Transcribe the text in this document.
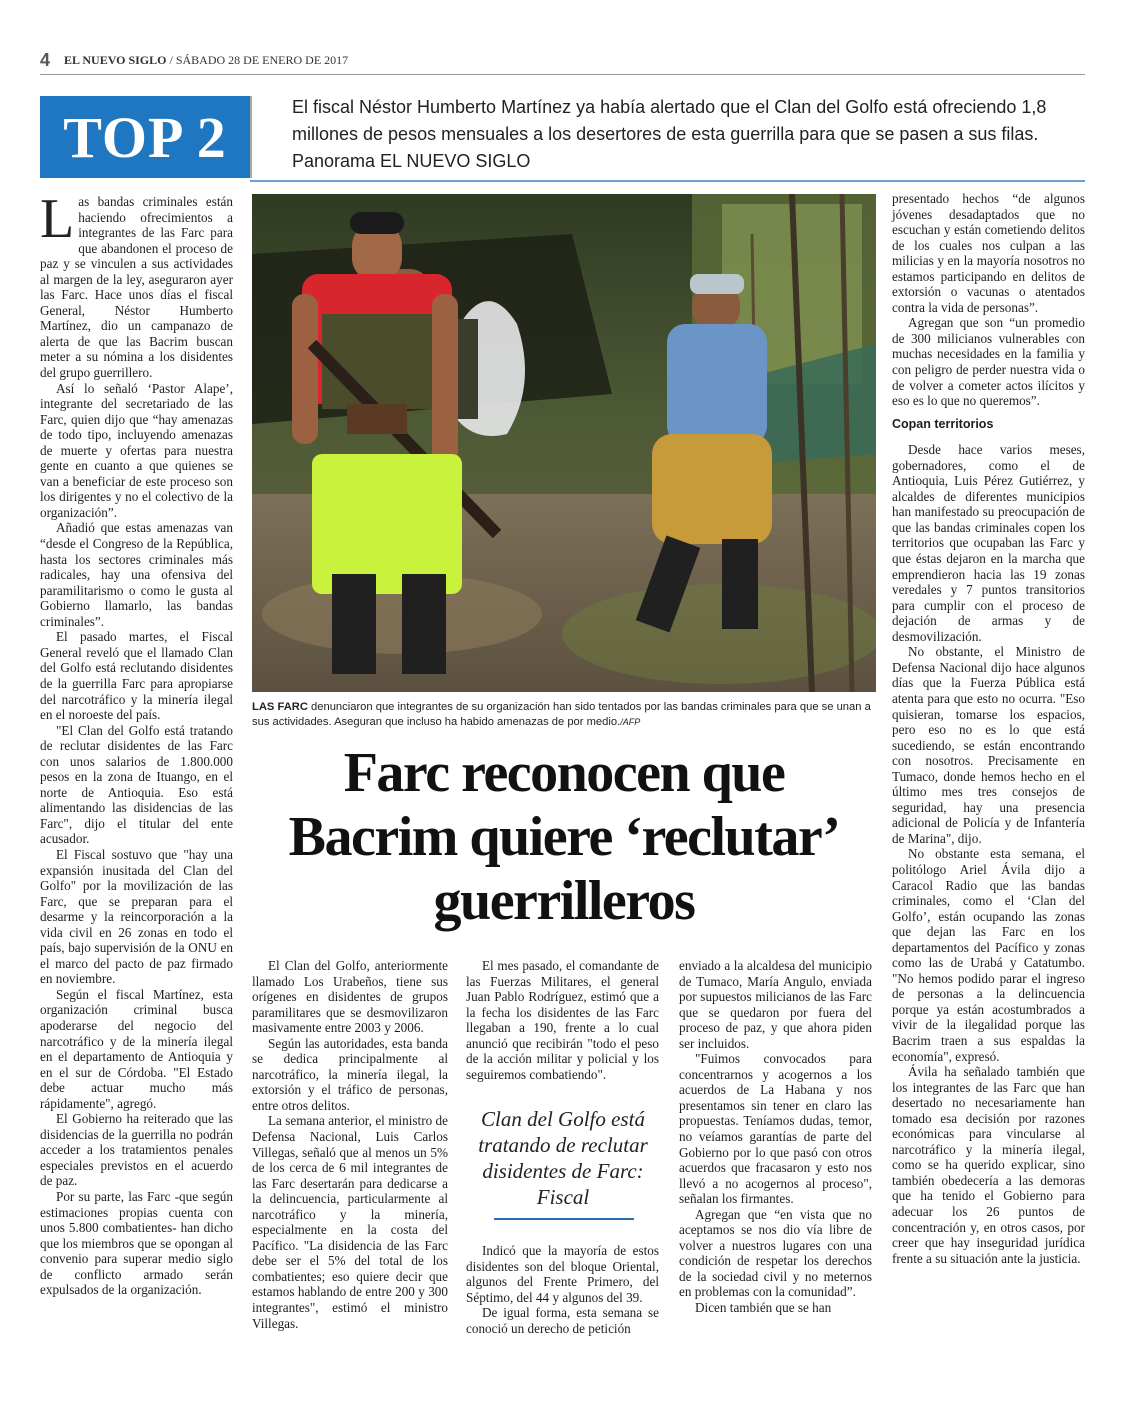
4 EL NUEVO SIGLO / SÁBADO 28 DE ENERO DE 2017
TOP 2	El fiscal Néstor Humberto Martínez ya había alertado que el Clan del Golfo está ofreciendo 1,8 millones de pesos mensuales a los desertores de esta guerrilla para que se pasen a sus filas. Panorama EL NUEVO SIGLO

Las bandas criminales están haciendo ofrecimientos a integrantes de las Farc para que abandonen el proceso de paz y se vinculen a sus actividades al margen de la ley, aseguraron ayer las Farc. Hace unos días el fiscal General, Néstor Humberto Martínez, dio un campanazo de alerta de que las Bacrim buscan meter a su nómina a los disidentes del grupo guerrillero.

Así lo señaló ‘Pastor Alape’, integrante del secretariado de las Farc, quien dijo que “hay amenazas de todo tipo, incluyendo amenazas de muerte y ofertas para nuestra gente en cuanto a que quienes se van a beneficiar de este proceso son los dirigentes y no el colectivo de la organización”.

Añadió que estas amenazas van “desde el Congreso de la República, hasta los sectores criminales más radicales, hay una ofensiva del paramilitarismo o como le gusta al Gobierno llamarlo, las bandas criminales”.

El pasado martes, el Fiscal General reveló que el llamado Clan del Golfo está reclutando disidentes de la guerrilla Farc para apropiarse del narcotráfico y la minería ilegal en el noroeste del país.

"El Clan del Golfo está tratando de reclutar disidentes de las Farc con unos salarios de 1.800.000 pesos en la zona de Ituango, en el norte de Antioquia. Eso está alimentando las disidencias de las Farc", dijo el titular del ente acusador.

El Fiscal sostuvo que "hay una expansión inusitada del Clan del Golfo" por la movilización de las Farc, que se preparan para el desarme y la reincorporación a la vida civil en 26 zonas en todo el país, bajo supervisión de la ONU en el marco del pacto de paz firmado en noviembre.

Según el fiscal Martínez, esta organización criminal busca apoderarse del negocio del narcotráfico y de la minería ilegal en el departamento de Antioquia y en el sur de Córdoba. "El Estado debe actuar mucho más rápidamente", agregó.

El Gobierno ha reiterado que las disidencias de la guerrilla no podrán acceder a los tratamientos penales especiales previstos en el acuerdo de paz.

Por su parte, las Farc -que según estimaciones propias cuenta con unos 5.800 combatientes- han dicho que los miembros que se opongan al convenio para superar medio siglo de conflicto armado serán expulsados de la organización.

LAS FARC denunciaron que integrantes de su organización han sido tentados por las bandas criminales para que se unan a sus actividades. Aseguran que incluso ha habido amenazas de por medio./AFP
Farc reconocen que
Bacrim quiere ‘reclutar’
guerrilleros

El Clan del Golfo, anteriormente llamado Los Urabeños, tiene sus orígenes en disidentes de grupos paramilitares que se desmovilizaron masivamente entre 2003 y 2006.

Según las autoridades, esta banda se dedica principalmente al narcotráfico, la minería ilegal, la extorsión y el tráfico de personas, entre otros delitos.

La semana anterior, el ministro de Defensa Nacional, Luis Carlos Villegas, señaló que al menos un 5% de los cerca de 6 mil integrantes de las Farc desertarán para dedicarse a la delincuencia, particularmente al narcotráfico y la minería, especialmente en la costa del Pacífico. "La disidencia de las Farc debe ser el 5% del total de los combatientes; eso quiere decir que estamos hablando de entre 200 y 300 integrantes", estimó el ministro Villegas.

El mes pasado, el comandante de las Fuerzas Militares, el general Juan Pablo Rodríguez, estimó que a la fecha los disidentes de las Farc llegaban a 190, frente a lo cual anunció que recibirán "todo el peso de la acción militar y policial y los seguiremos combatiendo".

Clan del Golfo está tratando de reclutar disidentes de Farc: Fiscal

Indicó que la mayoría de estos disidentes son del bloque Oriental, algunos del Frente Primero, del Séptimo, del 44 y algunos del 39.

De igual forma, esta semana se conoció un derecho de petición

enviado a la alcaldesa del municipio de Tumaco, María Angulo, enviada por supuestos milicianos de las Farc que se quedaron por fuera del proceso de paz, y que ahora piden ser incluidos.

"Fuimos convocados para concentrarnos y acogernos a los acuerdos de La Habana y nos presentamos sin tener en claro las propuestas. Teníamos dudas, temor, no veíamos garantías de parte del Gobierno por lo que pasó con otros acuerdos que fracasaron y esto nos llevó a no acogernos al proceso", señalan los firmantes.

Agregan que “en vista que no aceptamos se nos dio vía libre de volver a nuestros lugares con una condición de respetar los derechos de la sociedad civil y no meternos en problemas con la comunidad”.

Dicen también que se han

presentado hechos “de algunos jóvenes desadaptados que no escuchan y están cometiendo delitos de los cuales nos culpan a las milicias y en la mayoría nosotros no estamos participando en delitos de extorsión o vacunas o atentados contra la vida de personas”.

Agregan que son “un promedio de 300 milicianos vulnerables con muchas necesidades en la familia y con peligro de perder nuestra vida o de volver a cometer actos ilícitos y eso es lo que no queremos”.

Copan territorios

Desde hace varios meses, gobernadores, como el de Antioquia, Luis Pérez Gutiérrez, y alcaldes de diferentes municipios han manifestado su preocupación de que las bandas criminales copen los territorios que ocupaban las Farc y que éstas dejaron en la marcha que emprendieron hacia las 19 zonas veredales y 7 puntos transitorios para cumplir con el proceso de dejación de armas y de desmovilización.

No obstante, el Ministro de Defensa Nacional dijo hace algunos días que la Fuerza Pública está atenta para que esto no ocurra. "Eso quisieran, tomarse los espacios, pero eso no es lo que está sucediendo, se están encontrando con nosotros. Precisamente en Tumaco, donde hemos hecho en el último mes tres consejos de seguridad, hay una presencia adicional de Policía y de Infantería de Marina", dijo.

No obstante esta semana, el politólogo Ariel Ávila dijo a Caracol Radio que las bandas criminales, como el ‘Clan del Golfo’, están ocupando las zonas que dejan las Farc en los departamentos del Pacífico y zonas como las de Urabá y Catatumbo. "No hemos podido parar el ingreso de personas a la delincuencia porque ya están acostumbrados a vivir de la ilegalidad porque las Bacrim traen a sus espaldas la economía", expresó.

Ávila ha señalado también que los integrantes de las Farc que han desertado no necesariamente han tomado esa decisión por razones económicas para vincularse al narcotráfico y la minería ilegal, como se ha querido explicar, sino también obedecería a las demoras que ha tenido el Gobierno para adecuar los 26 puntos de concentración y, en otros casos, por creer que hay inseguridad jurídica frente a su situación ante la justicia.
